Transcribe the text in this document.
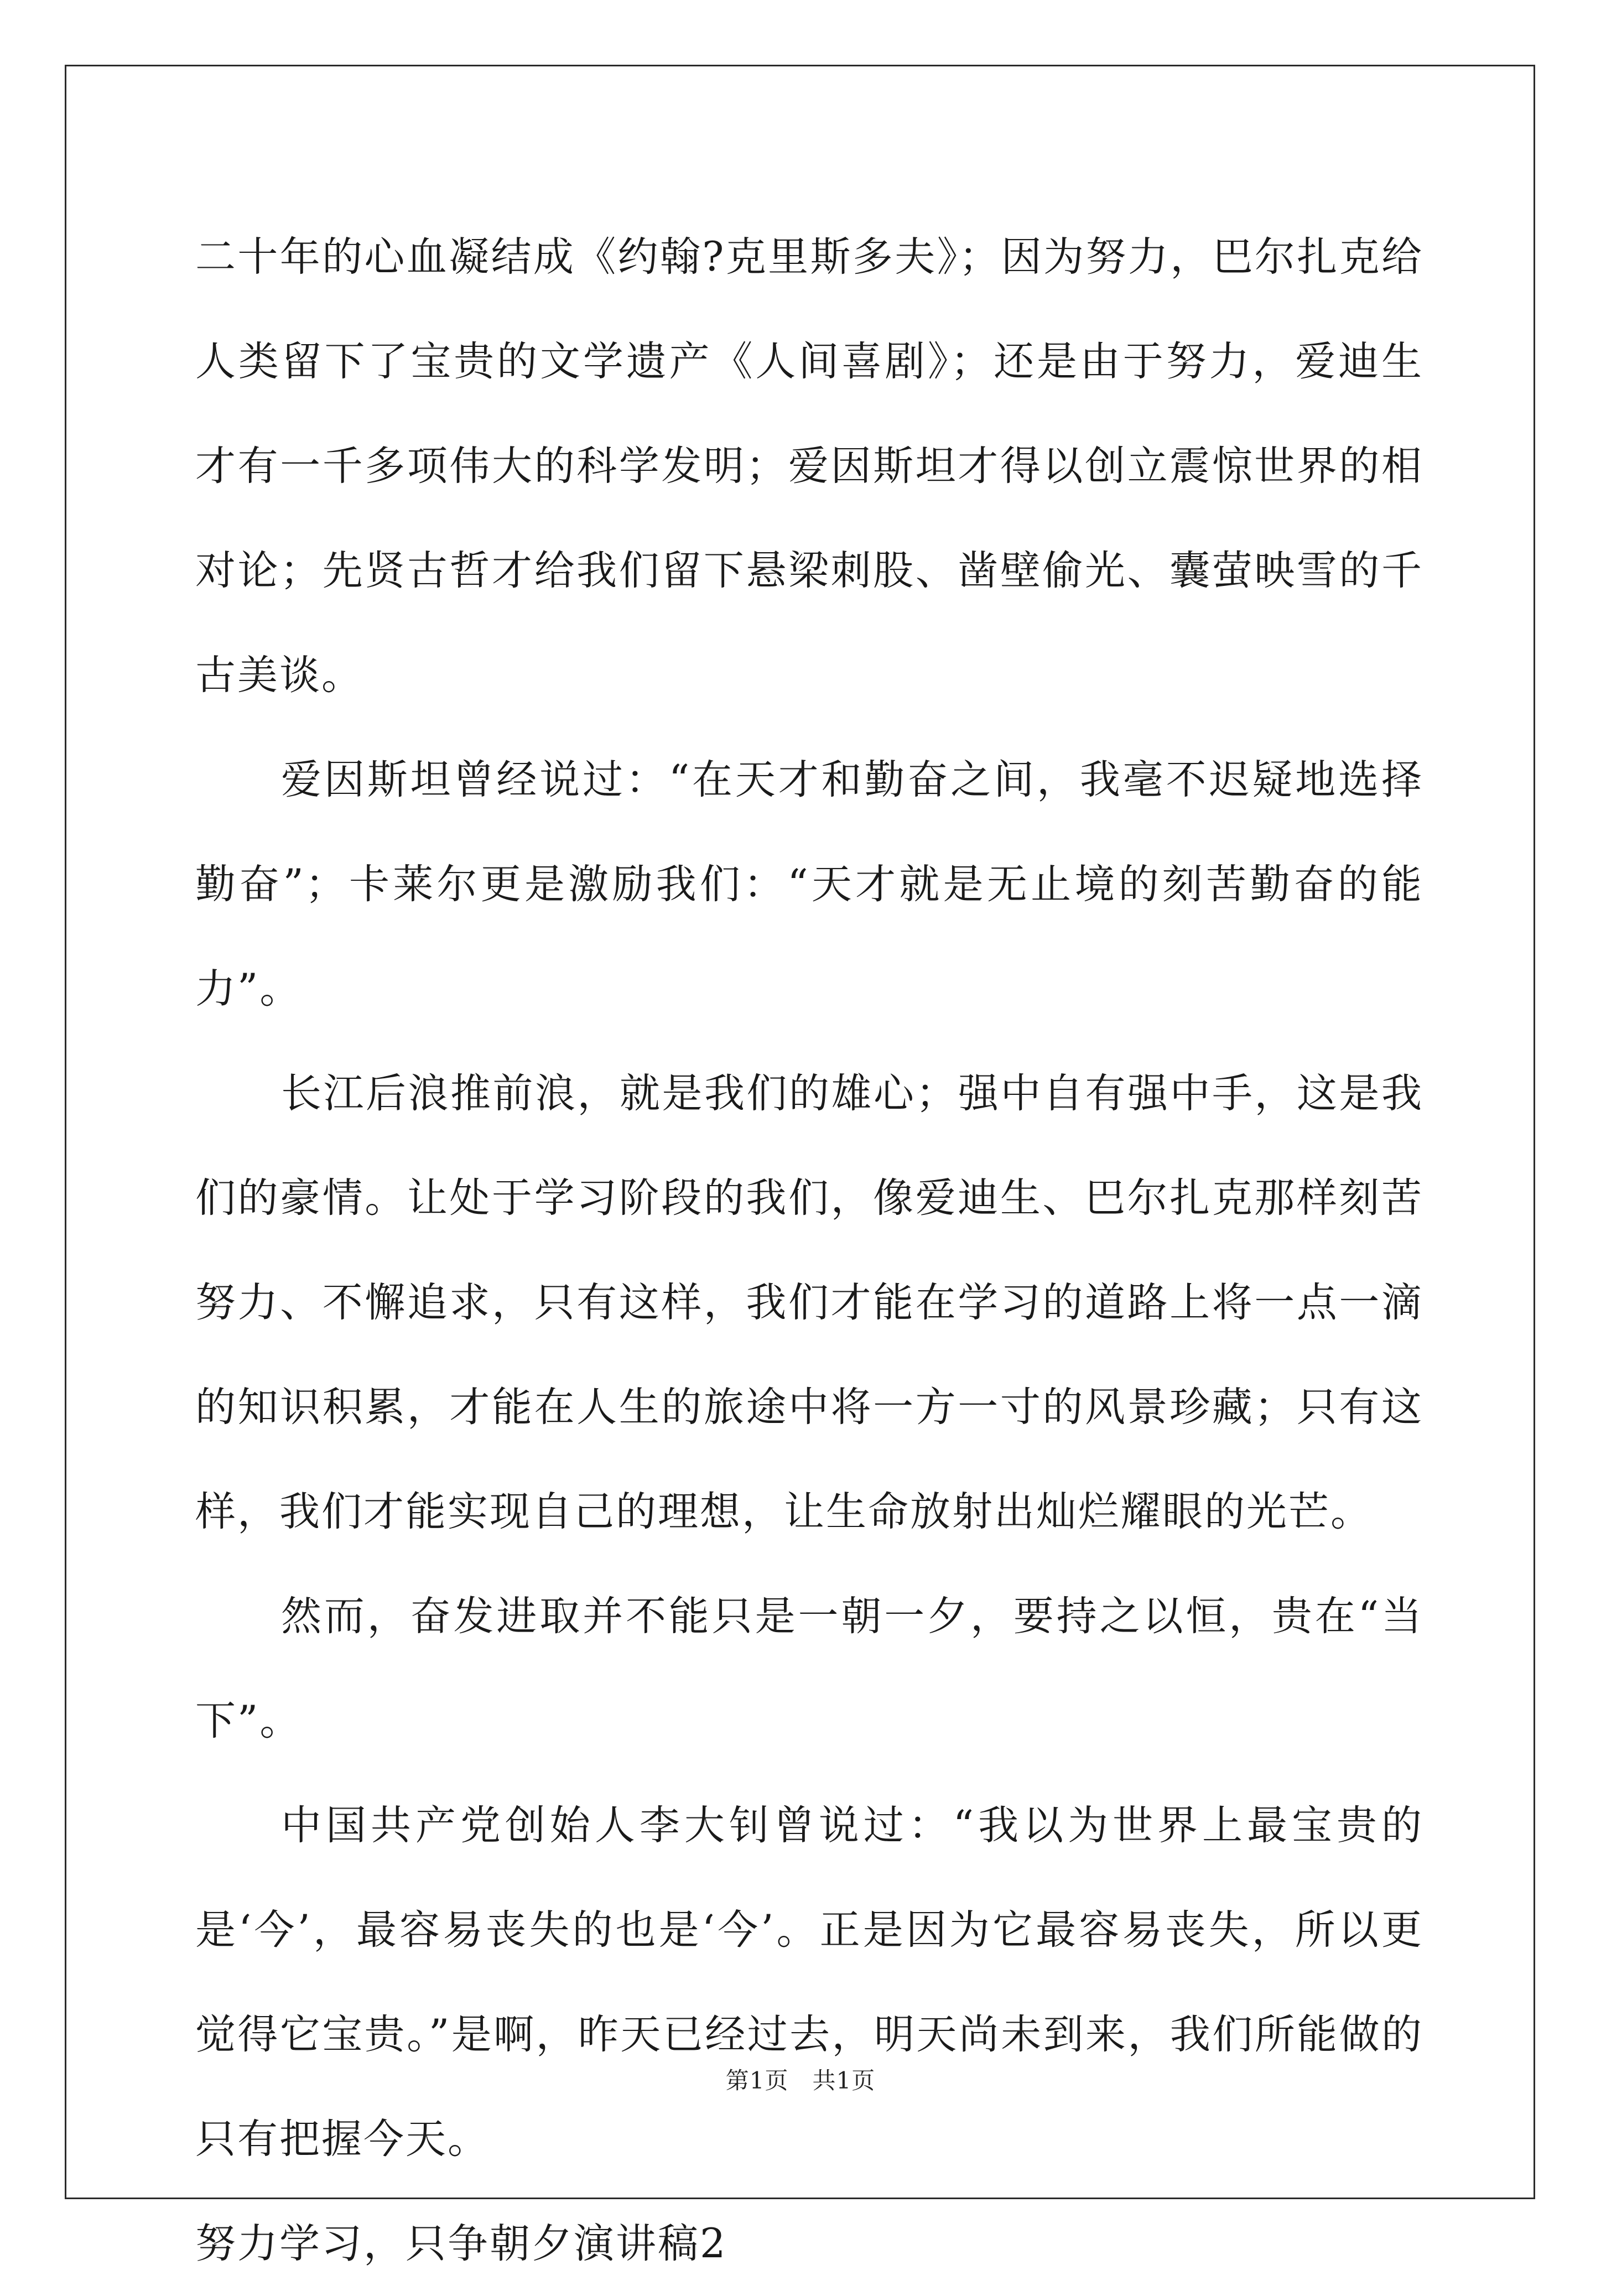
二十年的心血凝结成《约翰?克里斯多夫》；因为努力，巴尔扎克给人类留下了宝贵的文学遗产《人间喜剧》；还是由于努力，爱迪生才有一千多项伟大的科学发明；爱因斯坦才得以创立震惊世界的相对论；先贤古哲才给我们留下悬梁刺股、凿壁偷光、囊萤映雪的千古美谈。

爱因斯坦曾经说过：“在天才和勤奋之间，我毫不迟疑地选择勤奋”；卡莱尔更是激励我们：“天才就是无止境的刻苦勤奋的能力”。

长江后浪推前浪，就是我们的雄心；强中自有强中手，这是我们的豪情。让处于学习阶段的我们，像爱迪生、巴尔扎克那样刻苦努力、不懈追求，只有这样，我们才能在学习的道路上将一点一滴的知识积累，才能在人生的旅途中将一方一寸的风景珍藏；只有这样，我们才能实现自己的理想，让生命放射出灿烂耀眼的光芒。

然而，奋发进取并不能只是一朝一夕，要持之以恒，贵在“当下”。

中国共产党创始人李大钊曾说过：“我以为世界上最宝贵的是‘今’，最容易丧失的也是‘今’。正是因为它最容易丧失，所以更觉得它宝贵。”是啊，昨天已经过去，明天尚未到来，我们所能做的只有把握今天。

努力学习，只争朝夕演讲稿2
第1页　共1页
